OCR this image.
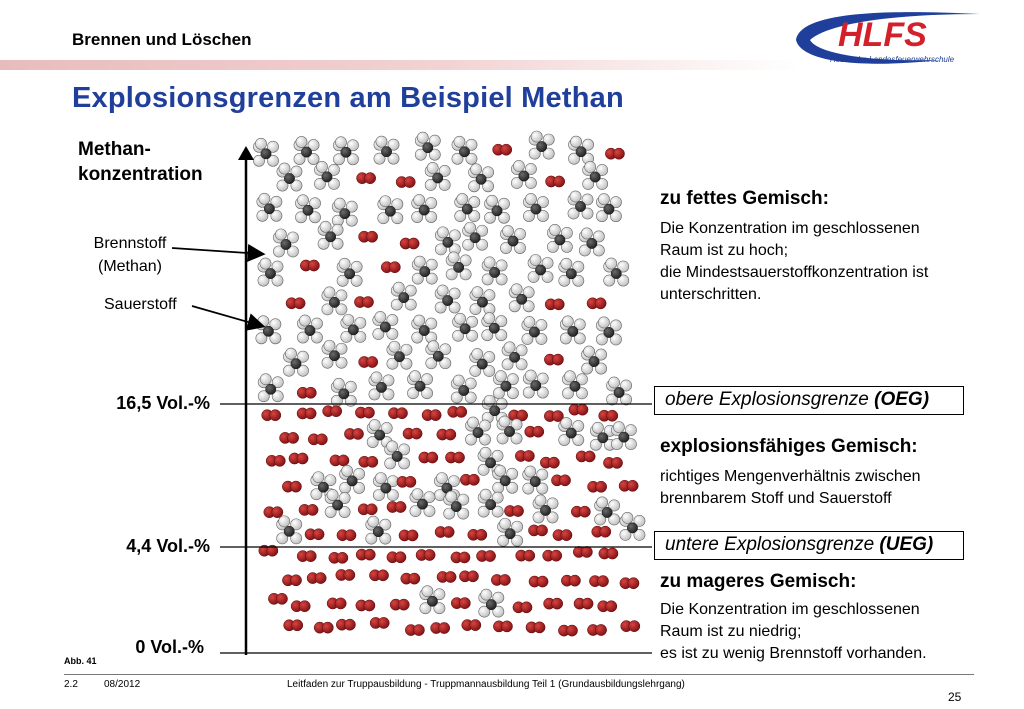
Brennen und Löschen
Explosionsgrenzen am Beispiel Methan
HLFS
Hessische Landesfeuerwehrschule
Methan-
konzentration
Brennstoff
(Methan)
Sauerstoff
16,5 Vol.-%
4,4 Vol.-%
0 Vol.-%
zu fettes Gemisch:
Die Konzentration im geschlossenen
Raum ist zu hoch;
die Mindestsauerstoffkonzentration ist
unterschritten.
obere Explosionsgrenze (OEG)
explosionsfähiges Gemisch:
richtiges Mengenverhältnis zwischen
brennbarem Stoff und Sauerstoff
untere Explosionsgrenze (UEG)
zu mageres Gemisch:
Die Konzentration im geschlossenen
Raum ist zu niedrig;
es ist zu wenig Brennstoff vorhanden.
Abb. 41
2.2	08/2012	Leitfaden zur Truppausbildung - Truppmannausbildung Teil 1 (Grundausbildungslehrgang)
25
